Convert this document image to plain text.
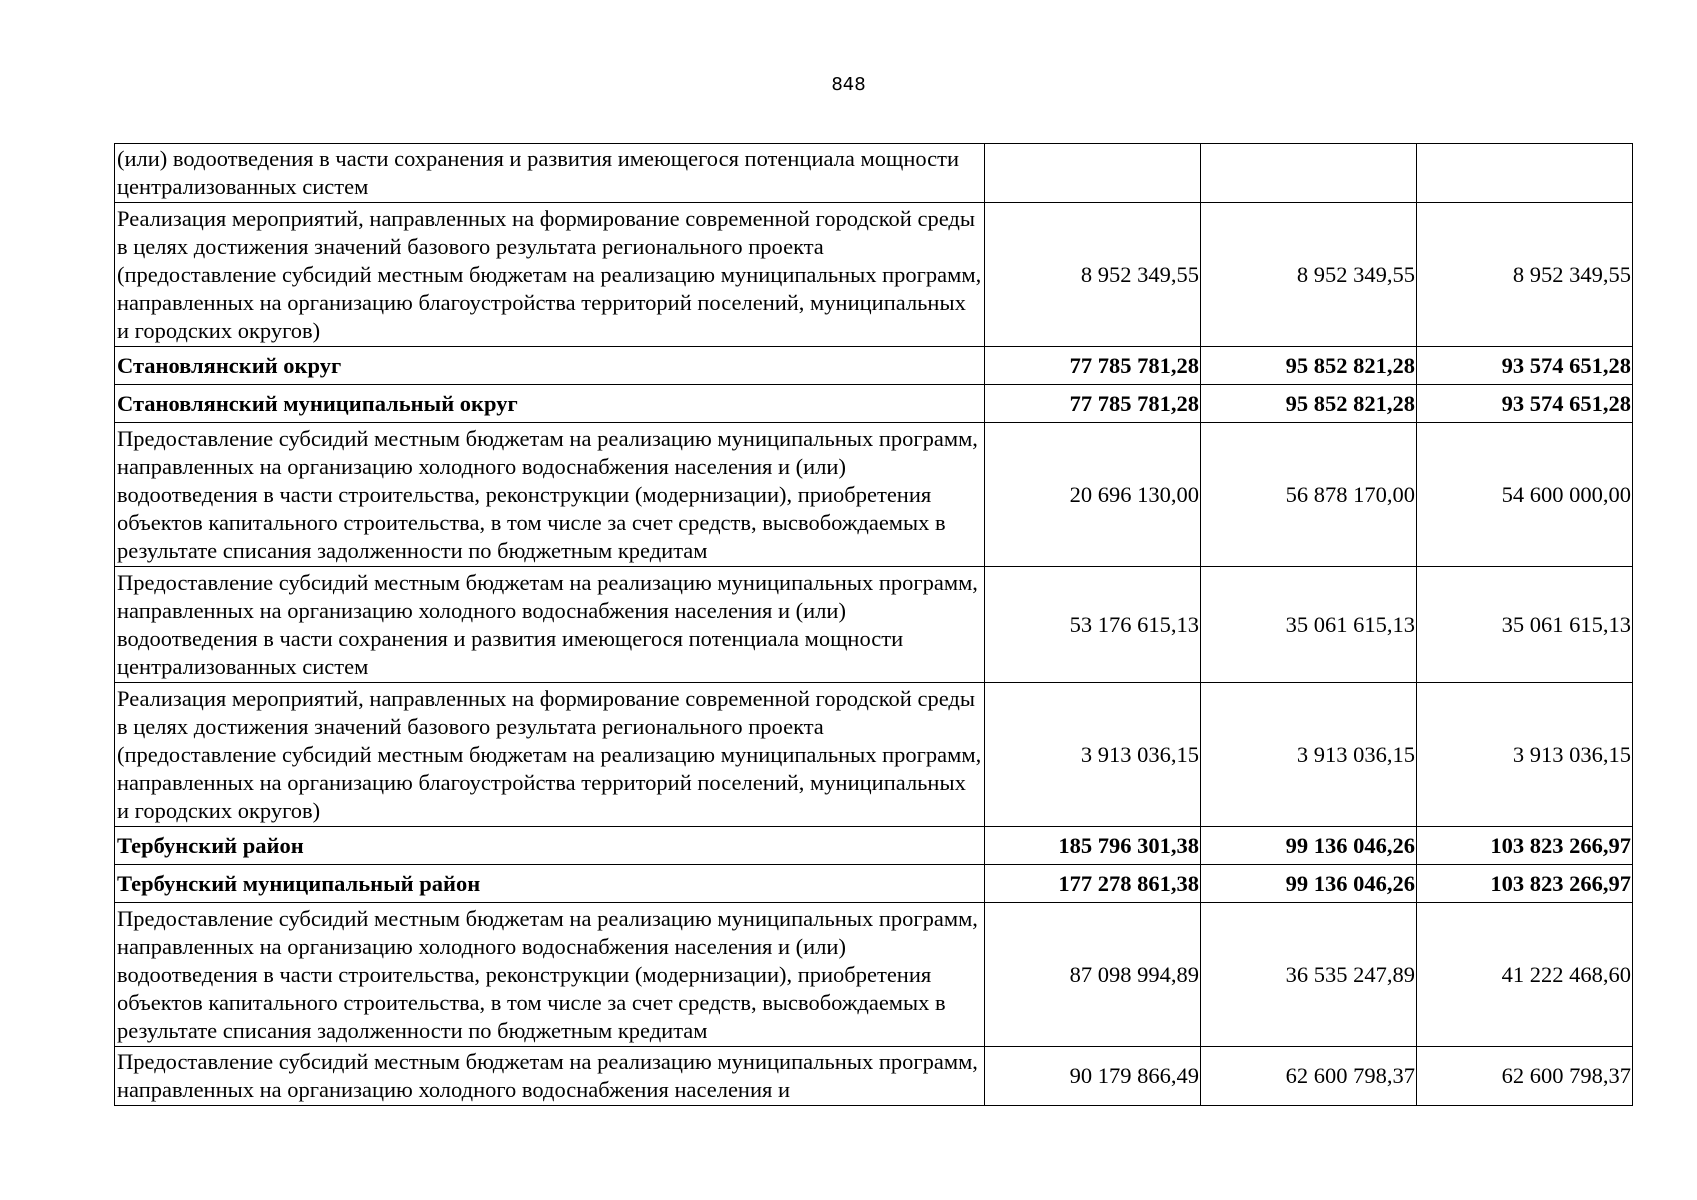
848
(или) водоотведения в части сохранения и развития имеющегося потенциала мощности централизованных систем			
Реализация мероприятий, направленных на формирование современной городской среды в целях достижения значений базового результата регионального проекта (предоставление субсидий местным бюджетам на реализацию муниципальных программ, направленных на организацию благоустройства территорий поселений, муниципальных и городских округов)	8 952 349,55	8 952 349,55	8 952 349,55
Становлянский округ	77 785 781,28	95 852 821,28	93 574 651,28
Становлянский муниципальный округ	77 785 781,28	95 852 821,28	93 574 651,28
Предоставление субсидий местным бюджетам на реализацию муниципальных программ, направленных на организацию холодного водоснабжения населения и (или) водоотведения в части строительства, реконструкции (модернизации), приобретения объектов капитального строительства, в том числе за счет средств, высвобождаемых в результате списания задолженности по бюджетным кредитам	20 696 130,00	56 878 170,00	54 600 000,00
Предоставление субсидий местным бюджетам на реализацию муниципальных программ, направленных на организацию холодного водоснабжения населения и (или) водоотведения в части сохранения и развития имеющегося потенциала мощности централизованных систем	53 176 615,13	35 061 615,13	35 061 615,13
Реализация мероприятий, направленных на формирование современной городской среды в целях достижения значений базового результата регионального проекта (предоставление субсидий местным бюджетам на реализацию муниципальных программ, направленных на организацию благоустройства территорий поселений, муниципальных и городских округов)	3 913 036,15	3 913 036,15	3 913 036,15
Тербунский район	185 796 301,38	99 136 046,26	103 823 266,97
Тербунский муниципальный район	177 278 861,38	99 136 046,26	103 823 266,97
Предоставление субсидий местным бюджетам на реализацию муниципальных программ, направленных на организацию холодного водоснабжения населения и (или) водоотведения в части строительства, реконструкции (модернизации), приобретения объектов капитального строительства, в том числе за счет средств, высвобождаемых в результате списания задолженности по бюджетным кредитам	87 098 994,89	36 535 247,89	41 222 468,60
Предоставление субсидий местным бюджетам на реализацию муниципальных программ, направленных на организацию холодного водоснабжения населения и	90 179 866,49	62 600 798,37	62 600 798,37
